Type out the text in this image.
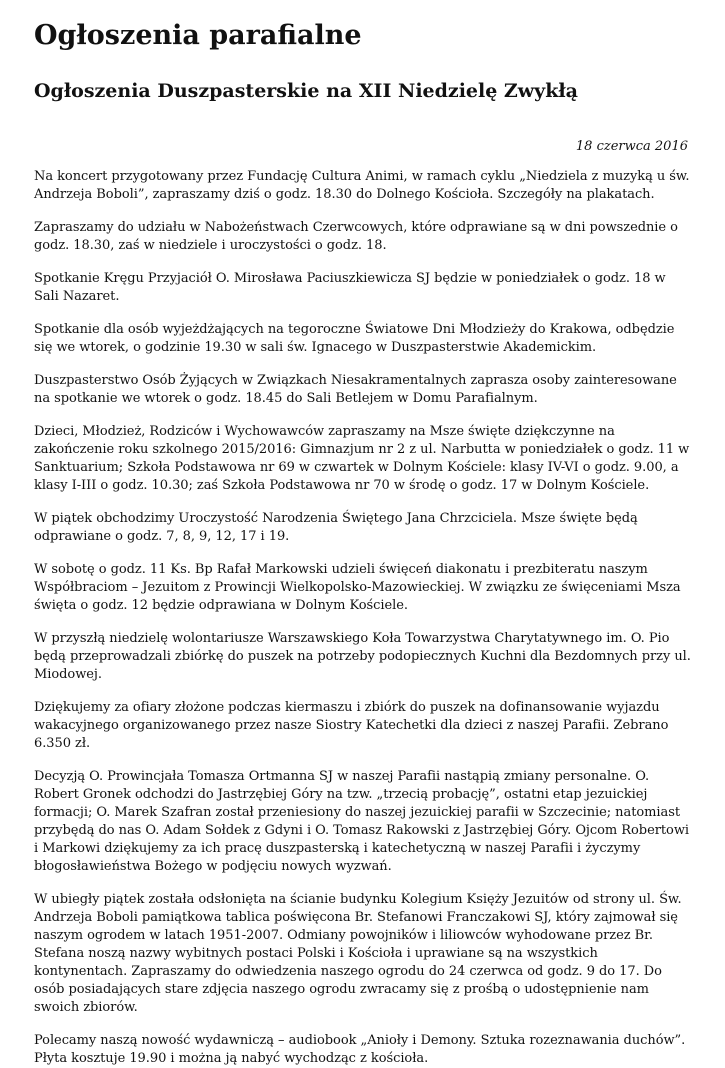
Ogłoszenia parafialne
Ogłoszenia Duszpasterskie na XII Niedzielę Zwykłą
18 czerwca 2016

Na koncert przygotowany przez Fundację Cultura Animi, w ramach cyklu „Niedziela z muzyką u św. Andrzeja Boboli”, zapraszamy dziś o godz. 18.30 do Dolnego Kościoła. Szczegóły na plakatach.

Zapraszamy do udziału w Nabożeństwach Czerwcowych, które odprawiane są w dni powszednie o godz. 18.30, zaś w niedziele i uroczystości o godz. 18.

Spotkanie Kręgu Przyjaciół O. Mirosława Paciuszkiewicza SJ będzie w poniedziałek o godz. 18 w Sali Nazaret.

Spotkanie dla osób wyjeżdżających na tegoroczne Światowe Dni Młodzieży do Krakowa, odbędzie się we wtorek, o godzinie 19.30 w sali św. Ignacego w Duszpasterstwie Akademickim.

Duszpasterstwo Osób Żyjących w Związkach Niesakramentalnych zaprasza osoby zainteresowane na spotkanie we wtorek o godz. 18.45 do Sali Betlejem w Domu Parafialnym.

Dzieci, Młodzież, Rodziców i Wychowawców zapraszamy na Msze święte dziękczynne na zakończenie roku szkolnego 2015/2016: Gimnazjum nr 2 z ul. Narbutta w poniedziałek o godz. 11 w Sanktuarium; Szkoła Podstawowa nr 69 w czwartek w Dolnym Kościele: klasy IV-VI o godz. 9.00, a klasy I-III o godz. 10.30; zaś Szkoła Podstawowa nr 70 w środę o godz. 17 w Dolnym Kościele.

W piątek obchodzimy Uroczystość Narodzenia Świętego Jana Chrzciciela. Msze święte będą odprawiane o godz. 7, 8, 9, 12, 17 i 19.

W sobotę o godz. 11 Ks. Bp Rafał Markowski udzieli święceń diakonatu i prezbiteratu naszym Współbraciom – Jezuitom z Prowincji Wielkopolsko-Mazowieckiej. W związku ze święceniami Msza święta o godz. 12 będzie odprawiana w Dolnym Kościele.

W przyszłą niedzielę wolontariusze Warszawskiego Koła Towarzystwa Charytatywnego im. O. Pio będą przeprowadzali zbiórkę do puszek na potrzeby podopiecznych Kuchni dla Bezdomnych przy ul. Miodowej.

Dziękujemy za ofiary złożone podczas kiermaszu i zbiórk do puszek na dofinansowanie wyjazdu wakacyjnego organizowanego przez nasze Siostry Katechetki dla dzieci z naszej Parafii. Zebrano 6.350 zł.

Decyzją O. Prowincjała Tomasza Ortmanna SJ w naszej Parafii nastąpią zmiany personalne. O. Robert Gronek odchodzi do Jastrzębiej Góry na tzw. „trzecią probację”, ostatni etap jezuickiej formacji; O. Marek Szafran został przeniesiony do naszej jezuickiej parafii w Szczecinie; natomiast przybędą do nas O. Adam Sołdek z Gdyni i O. Tomasz Rakowski z Jastrzębiej Góry. Ojcom Robertowi i Markowi dziękujemy za ich pracę duszpasterską i katechetyczną w naszej Parafii i życzymy błogosławieństwa Bożego w podjęciu nowych wyzwań.

W ubiegły piątek została odsłonięta na ścianie budynku Kolegium Księży Jezuitów od strony ul. Św. Andrzeja Boboli pamiątkowa tablica poświęcona Br. Stefanowi Franczakowi SJ, który zajmował się naszym ogrodem w latach 1951-2007. Odmiany powojników i liliowców wyhodowane przez Br. Stefana noszą nazwy wybitnych postaci Polski i Kościoła i uprawiane są na wszystkich kontynentach. Zapraszamy do odwiedzenia naszego ogrodu do 24 czerwca od godz. 9 do 17. Do osób posiadających stare zdjęcia naszego ogrodu zwracamy się z prośbą o udostępnienie nam swoich zbiorów.

Polecamy naszą nowość wydawniczą – audiobook „Anioły i Demony. Sztuka rozeznawania duchów”. Płyta kosztuje 19.90 i można ją nabyć wychodząc z kościoła.
